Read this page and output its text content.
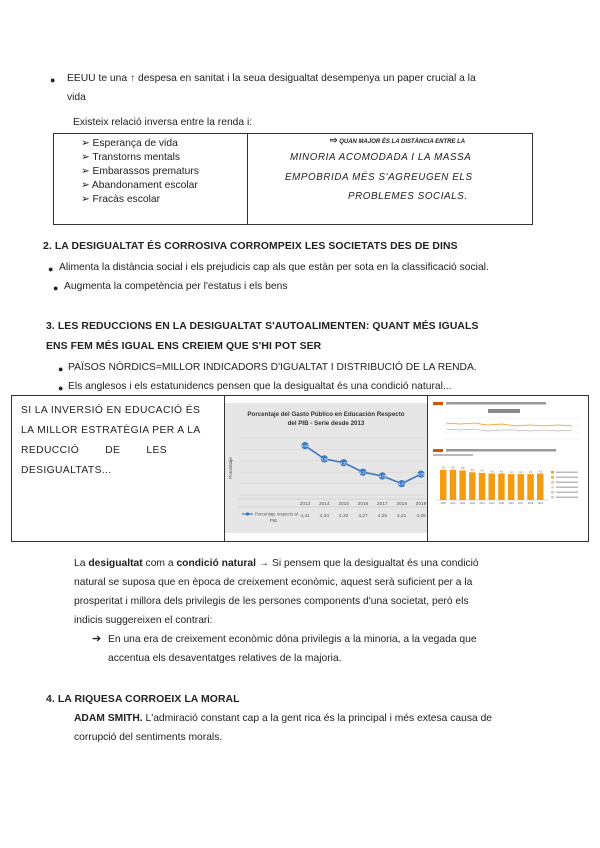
● EEUU te una ↑ despesa en sanitat i la seua desigualtat desempenya un paper crucial a la
vida
Existeix relació inversa entre la renda i:
➢ Esperança de vida
➢ Transtorns mentals
➢ Embarassos prematurs
➢ Abandonament escolar
➢ Fracàs escolar
⇨ QUAN MAJOR ÉS LA DISTÀNCIA ENTRE LA
MINORIA ACOMODADA I LA MASSA
EMPOBRIDA MÉS S'AGREUGEN ELS
PROBLEMES SOCIALS.
2. LA DESIGUALTAT ÉS CORROSIVA CORROMPEIX LES SOCIETATS DES DE DINS
● Alimenta la distància social i els prejudicis cap als que estàn per sota en la classificació social.
● Augmenta la competència per l'estatus i els bens
3. LES REDUCCIONS EN LA DESIGUALTAT S'AUTOALIMENTEN: QUANT MÉS IGUALS
ENS FEM MÉS IGUAL ENS CREIEM QUE S'HI POT SER
● PAÏSOS NÒRDICS=MILLOR INDICADORS D'IGUALTAT I DISTRIBUCIÓ DE LA RENDA.
● Els anglesos i els estatunidencs pensen que la desigualtat és una condició natural...
SI LA INVERSIÓ EN EDUCACIÓ ÉS
LA MILLOR ESTRATÈGIA PER A LA
REDUCCIÓ        DE        LES
DESIGUALTATS...
Porcentaje del Gasto Público en Educación Respecto
del PIB - Serie desde 2013
Porcentaje
4,41
4,34
4,32
4,27
4,25
4,21
4,26
2013
4,41
2014
4,34
2015
4,32
2016
4,27
2017
4,25
2018
4,21
2019
4,26
Porcentaje respecto al
PIB
4,9
2009
4,9
2010
4,8
2011
4,5
2012
4,4
2013
4,3
2014
4,3
2015
4,2
2016
4,2
2017
4,2
2018
4,3
2019
La desigualtat com a condició natural → Si pensem que la desigualtat és una condició
natural se suposa que en època de creixement econòmic, aquest serà suficient per a la
prosperitat i millora dels privilegis de les persones components d'una societat, però els
indicis suggereixen el contrari:
➔ En una era de creixement econòmic dóna privilegis a la minoria, a la vegada que
accentua els desaventatges relatives de la majoria.
4. LA RIQUESA CORROEIX LA MORAL
ADAM SMITH. L'admiració constant cap a la gent rica és la principal i més extesa causa de
corrupció del sentiments morals.
